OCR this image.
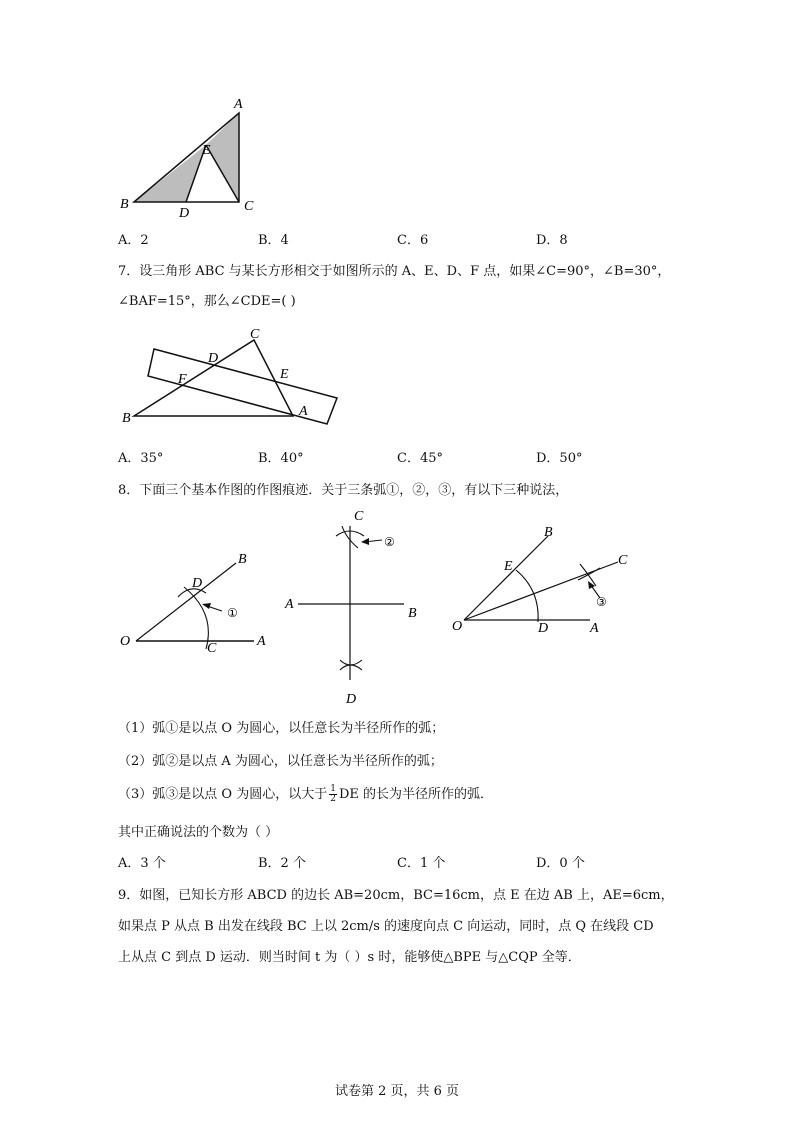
A
E
B
D	C
A．2	B．4	C．6	D．8
7．设三角形 ABC 与某长方形相交于如图所示的 A、E、D、F 点，如果∠C=90°，∠B=30°，
∠BAF=15°，那么∠CDE=( )
C
D
F	E
A
B
A．35°	B．40°	C．45°	D．50°
8．下面三个基本作图的作图痕迹．关于三条弧①，②，③，有以下三种说法，
B
D
①
O	C	A
C
②
A
B
D
B
C
E
③
O	D	A
（1）弧①是以点 O 为圆心，以任意长为半径所作的弧；
（2）弧②是以点 A 为圆心，以任意长为半径所作的弧；
（3）弧③是以点 O 为圆心，以大于 $\frac{1}{2}$ DE 的长为半径所作的弧．
其中正确说法的个数为（ ）
A．3 个	B．2 个	C．1 个	D．0 个
9．如图，已知长方形 ABCD 的边长 AB=20cm，BC=16cm，点 E 在边 AB 上，AE=6cm，
如果点 P 从点 B 出发在线段 BC 上以 2cm/s 的速度向点 C 向运动，同时，点 Q 在线段 CD
上从点 C 到点 D 运动．则当时间 t 为（ ）s 时，能够使△BPE 与△CQP 全等．
试卷第 2 页，共 6 页
